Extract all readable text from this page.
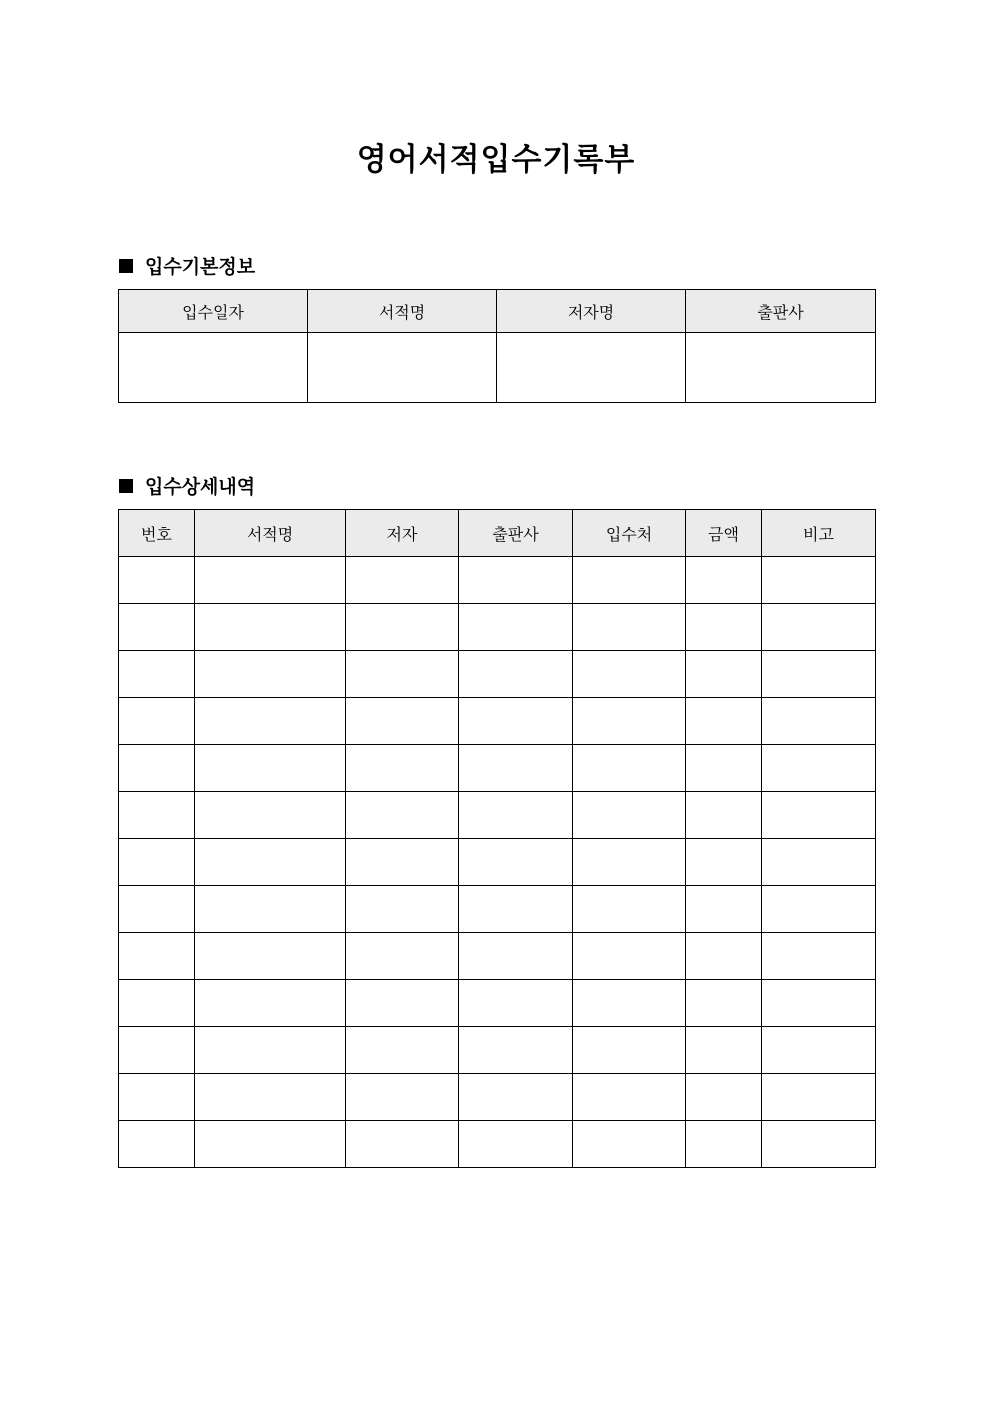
영어서적입수기록부
입수기본정보
입수일자	서적명	저자명	출판사

입수상세내역
번호	서적명	저자	출판사	입수처	금액	비고
